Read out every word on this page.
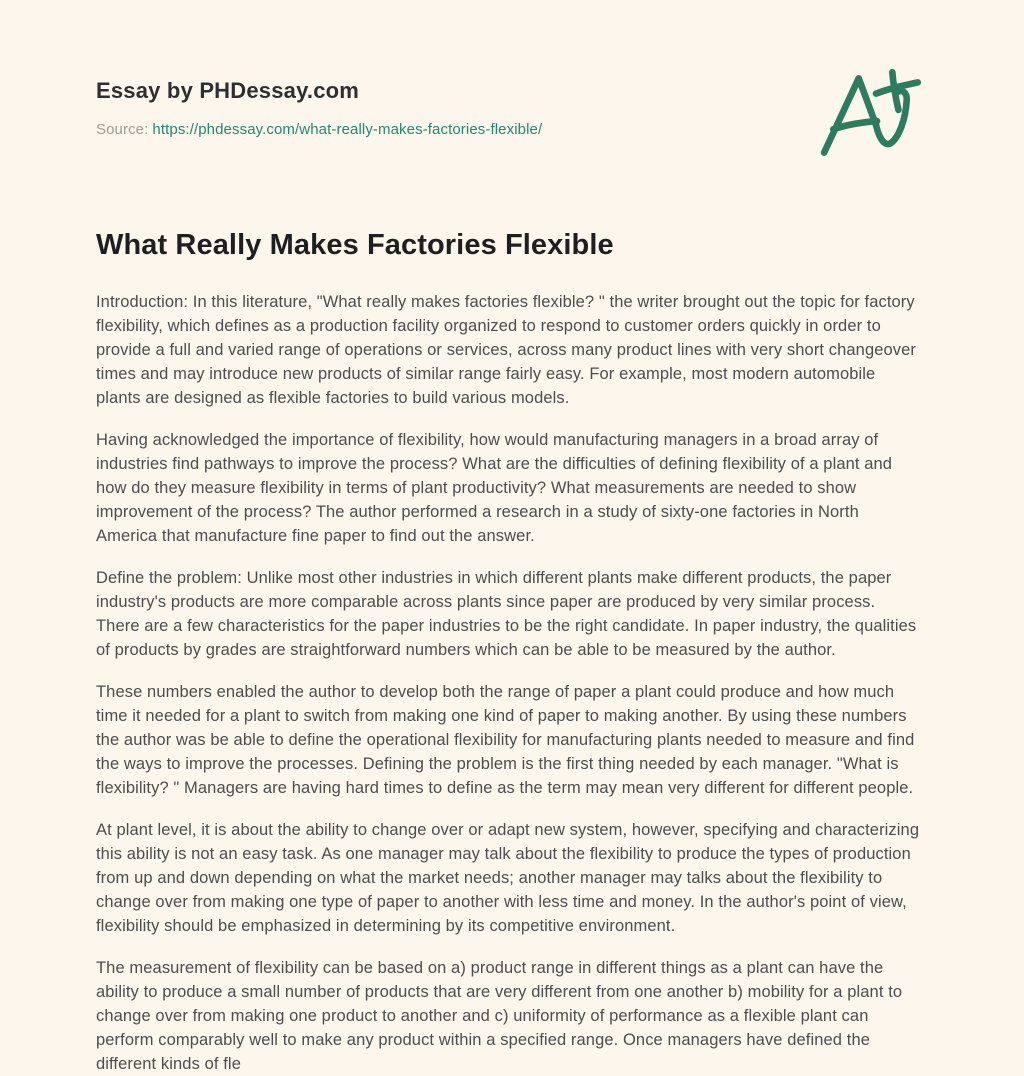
Essay by PHDessay.com
Source: https://phdessay.com/what-really-makes-factories-flexible/
What Really Makes Factories Flexible

Introduction: In this literature, "What really makes factories flexible? " the writer brought out the topic for factory flexibility, which defines as a production facility organized to respond to customer orders quickly in order to provide a full and varied range of operations or services, across many product lines with very short changeover times and may introduce new products of similar range fairly easy. For example, most modern automobile plants are designed as flexible factories to build various models.

Having acknowledged the importance of flexibility, how would manufacturing managers in a broad array of industries find pathways to improve the process? What are the difficulties of defining flexibility of a plant and how do they measure flexibility in terms of plant productivity? What measurements are needed to show improvement of the process? The author performed a research in a study of sixty-one factories in North America that manufacture fine paper to find out the answer.

Define the problem: Unlike most other industries in which different plants make different products, the paper industry's products are more comparable across plants since paper are produced by very similar process. There are a few characteristics for the paper industries to be the right candidate. In paper industry, the qualities of products by grades are straightforward numbers which can be able to be measured by the author.

These numbers enabled the author to develop both the range of paper a plant could produce and how much time it needed for a plant to switch from making one kind of paper to making another. By using these numbers the author was be able to define the operational flexibility for manufacturing plants needed to measure and find the ways to improve the processes. Defining the problem is the first thing needed by each manager. "What is flexibility? " Managers are having hard times to define as the term may mean very different for different people.

At plant level, it is about the ability to change over or adapt new system, however, specifying and characterizing this ability is not an easy task. As one manager may talk about the flexibility to produce the types of production from up and down depending on what the market needs; another manager may talks about the flexibility to change over from making one type of paper to another with less time and money. In the author's point of view, flexibility should be emphasized in determining by its competitive environment.

The measurement of flexibility can be based on a) product range in different things as a plant can have the ability to produce a small number of products that are very different from one another b) mobility for a plant to change over from making one product to another and c) uniformity of performance as a flexible plant can perform comparably well to make any product within a specified range. Once managers have defined the different kinds of fle
